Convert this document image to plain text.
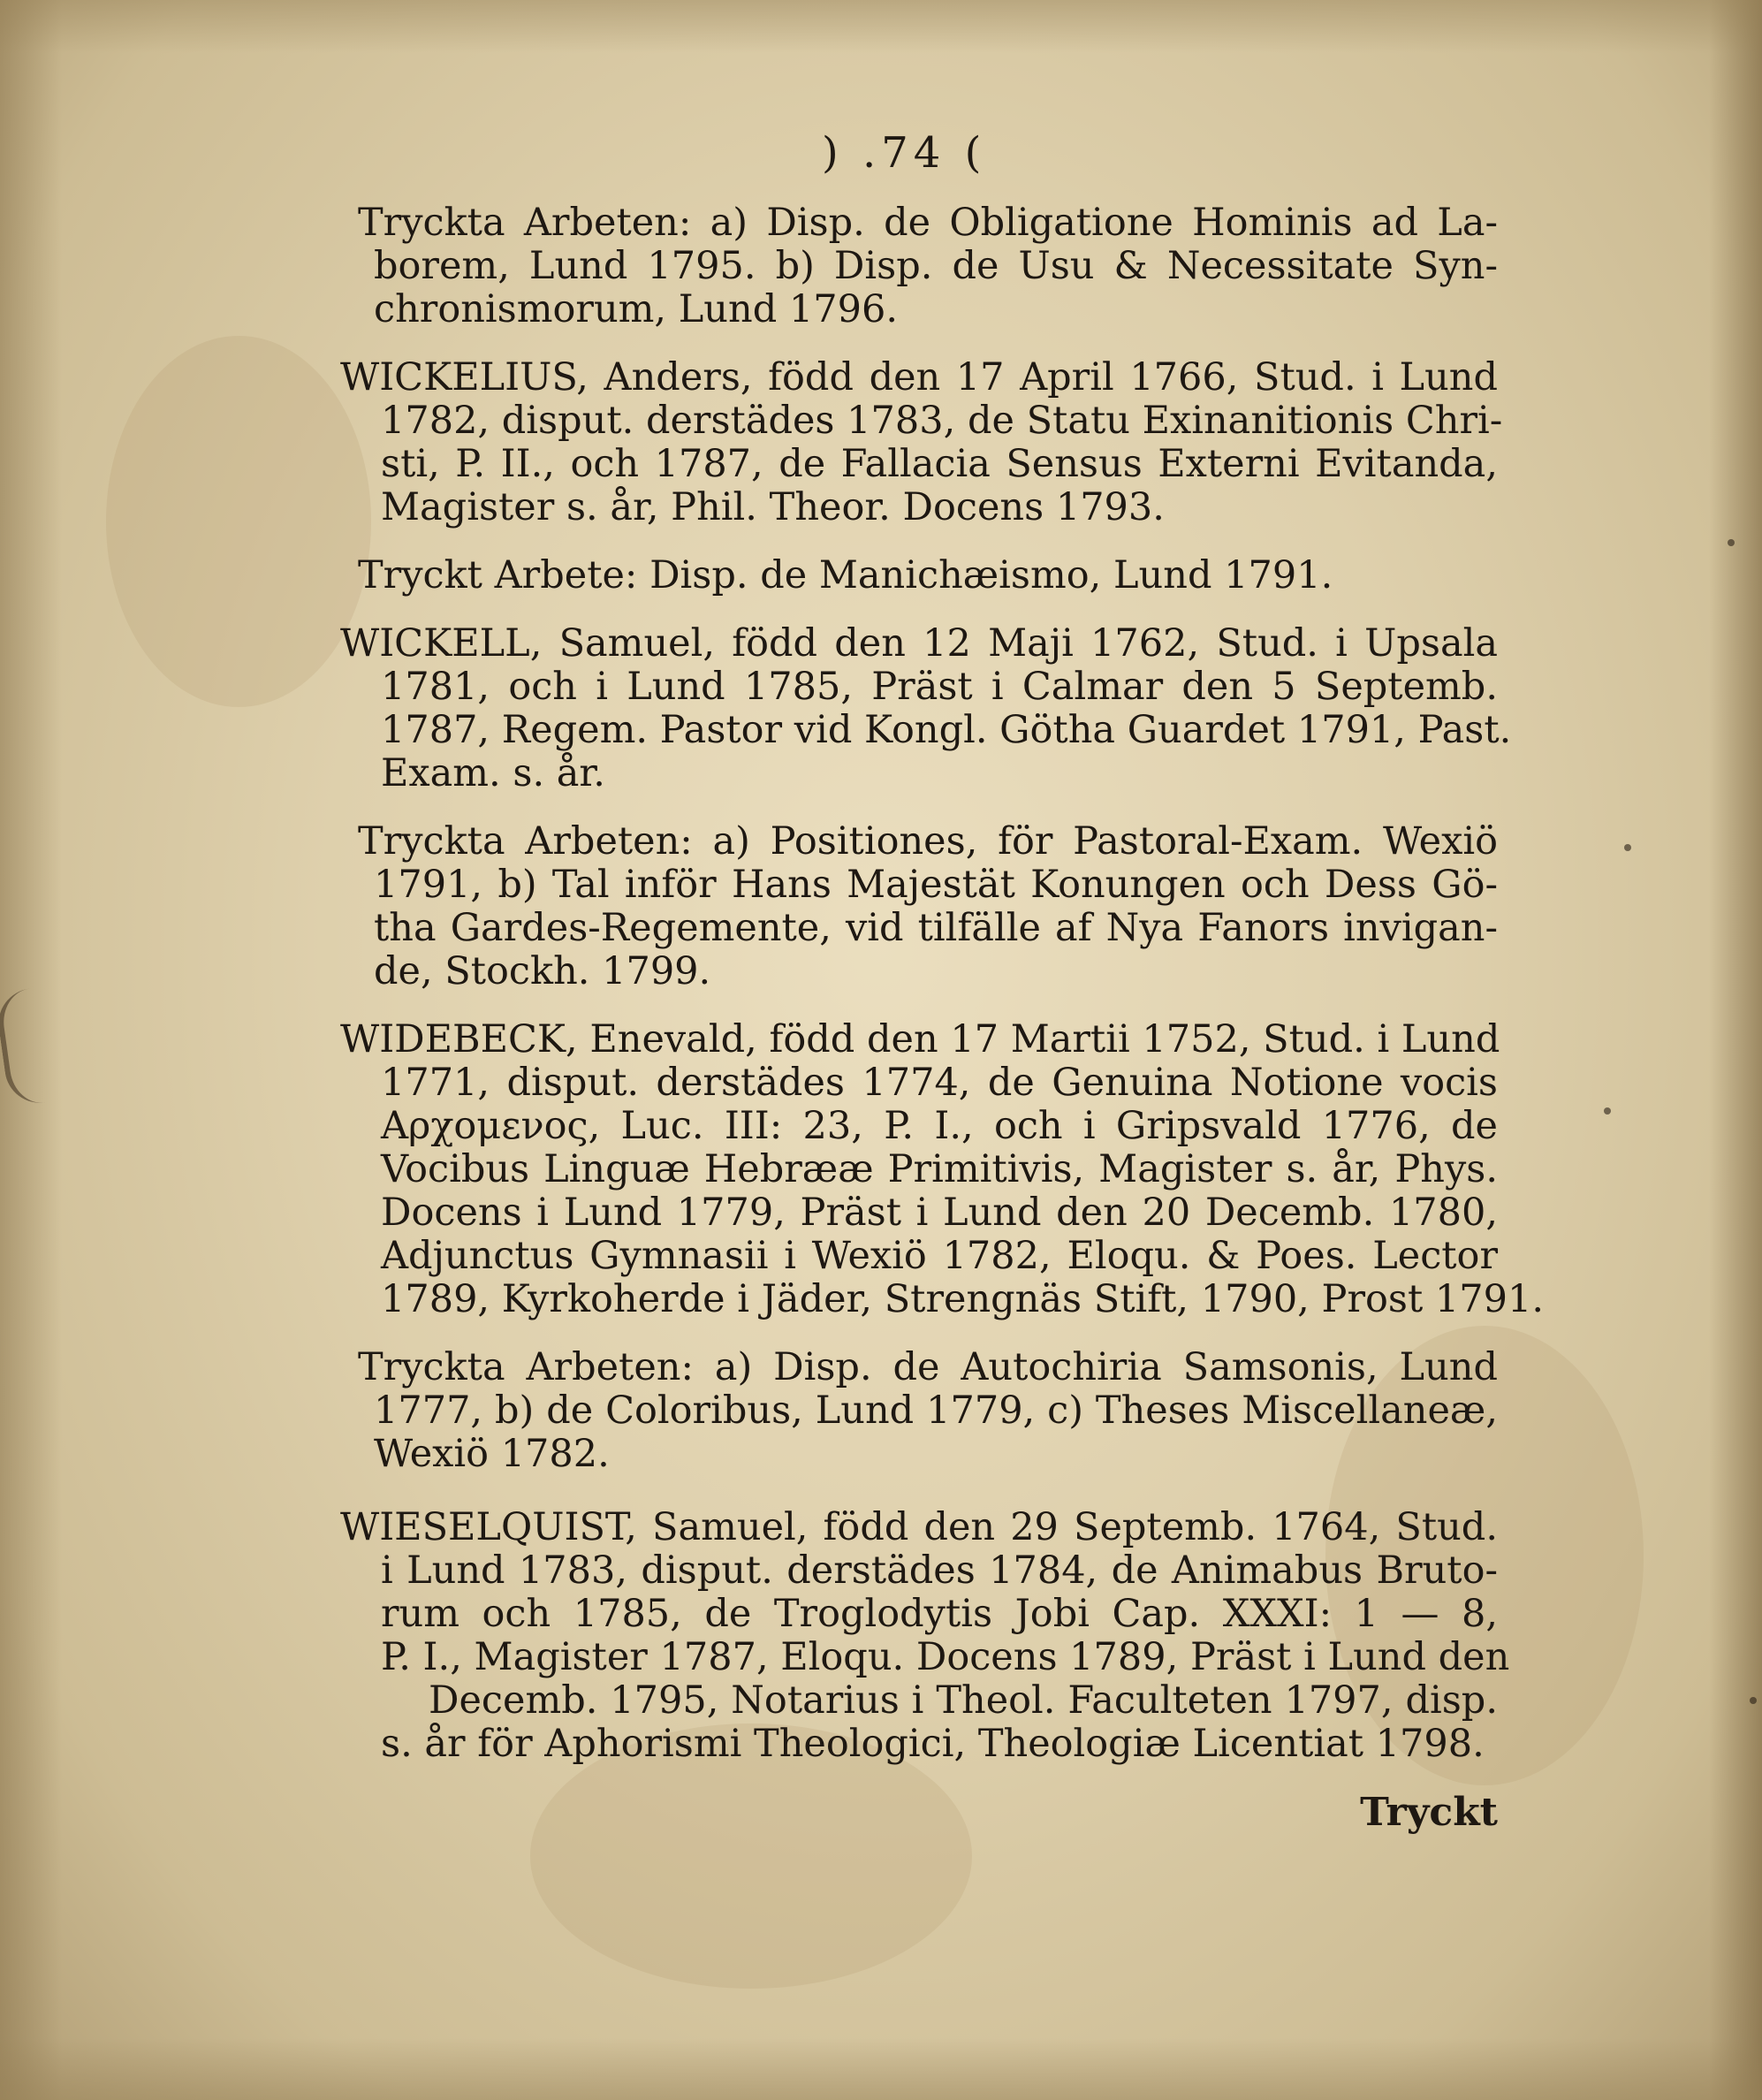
) .74 (
Tryckta Arbeten: a) Disp. de Obligatione Hominis ad La-
borem, Lund 1795. b) Disp. de Usu & Necessitate Syn-
chronismorum, Lund 1796.
WICKELIUS, Anders, född den 17 April 1766, Stud. i Lund
1782, disput. derstädes 1783, de Statu Exinanitionis Chri-
sti, P. II., och 1787, de Fallacia Sensus Externi Evitanda,
Magister s. år, Phil. Theor. Docens 1793.
Tryckt Arbete: Disp. de Manichæismo, Lund 1791.
WICKELL, Samuel, född den 12 Maji 1762, Stud. i Upsala
1781, och i Lund 1785, Präst i Calmar den 5 Septemb.
1787, Regem. Pastor vid Kongl. Götha Guardet 1791, Past.
Exam. s. år.
Tryckta Arbeten: a) Positiones, för Pastoral-Exam. Wexiö
1791, b) Tal inför Hans Majestät Konungen och Dess Gö-
tha Gardes-Regemente, vid tilfälle af Nya Fanors invigan-
de, Stockh. 1799.
WIDEBECK, Enevald, född den 17 Martii 1752, Stud. i Lund
1771, disput. derstädes 1774, de Genuina Notione vocis
Αρχομενος, Luc. III: 23, P. I., och i Gripsvald 1776, de
Vocibus Linguæ Hebrææ Primitivis, Magister s. år, Phys.
Docens i Lund 1779, Präst i Lund den 20 Decemb. 1780,
Adjunctus Gymnasii i Wexiö 1782, Eloqu. & Poes. Lector
1789, Kyrkoherde i Jäder, Strengnäs Stift, 1790, Prost 1791.
Tryckta Arbeten: a) Disp. de Autochiria Samsonis, Lund
1777, b) de Coloribus, Lund 1779, c) Theses Miscellaneæ,
Wexiö 1782.
WIESELQUIST, Samuel, född den 29 Septemb. 1764, Stud.
i Lund 1783, disput. derstädes 1784, de Animabus Bruto-
rum och 1785, de Troglodytis Jobi Cap. XXXI: 1 — 8,
P. I., Magister 1787, Eloqu. Docens 1789, Präst i Lund den
Decemb. 1795, Notarius i Theol. Faculteten 1797, disp.
s. år för Aphorismi Theologici, Theologiæ Licentiat 1798.
Tryckt
